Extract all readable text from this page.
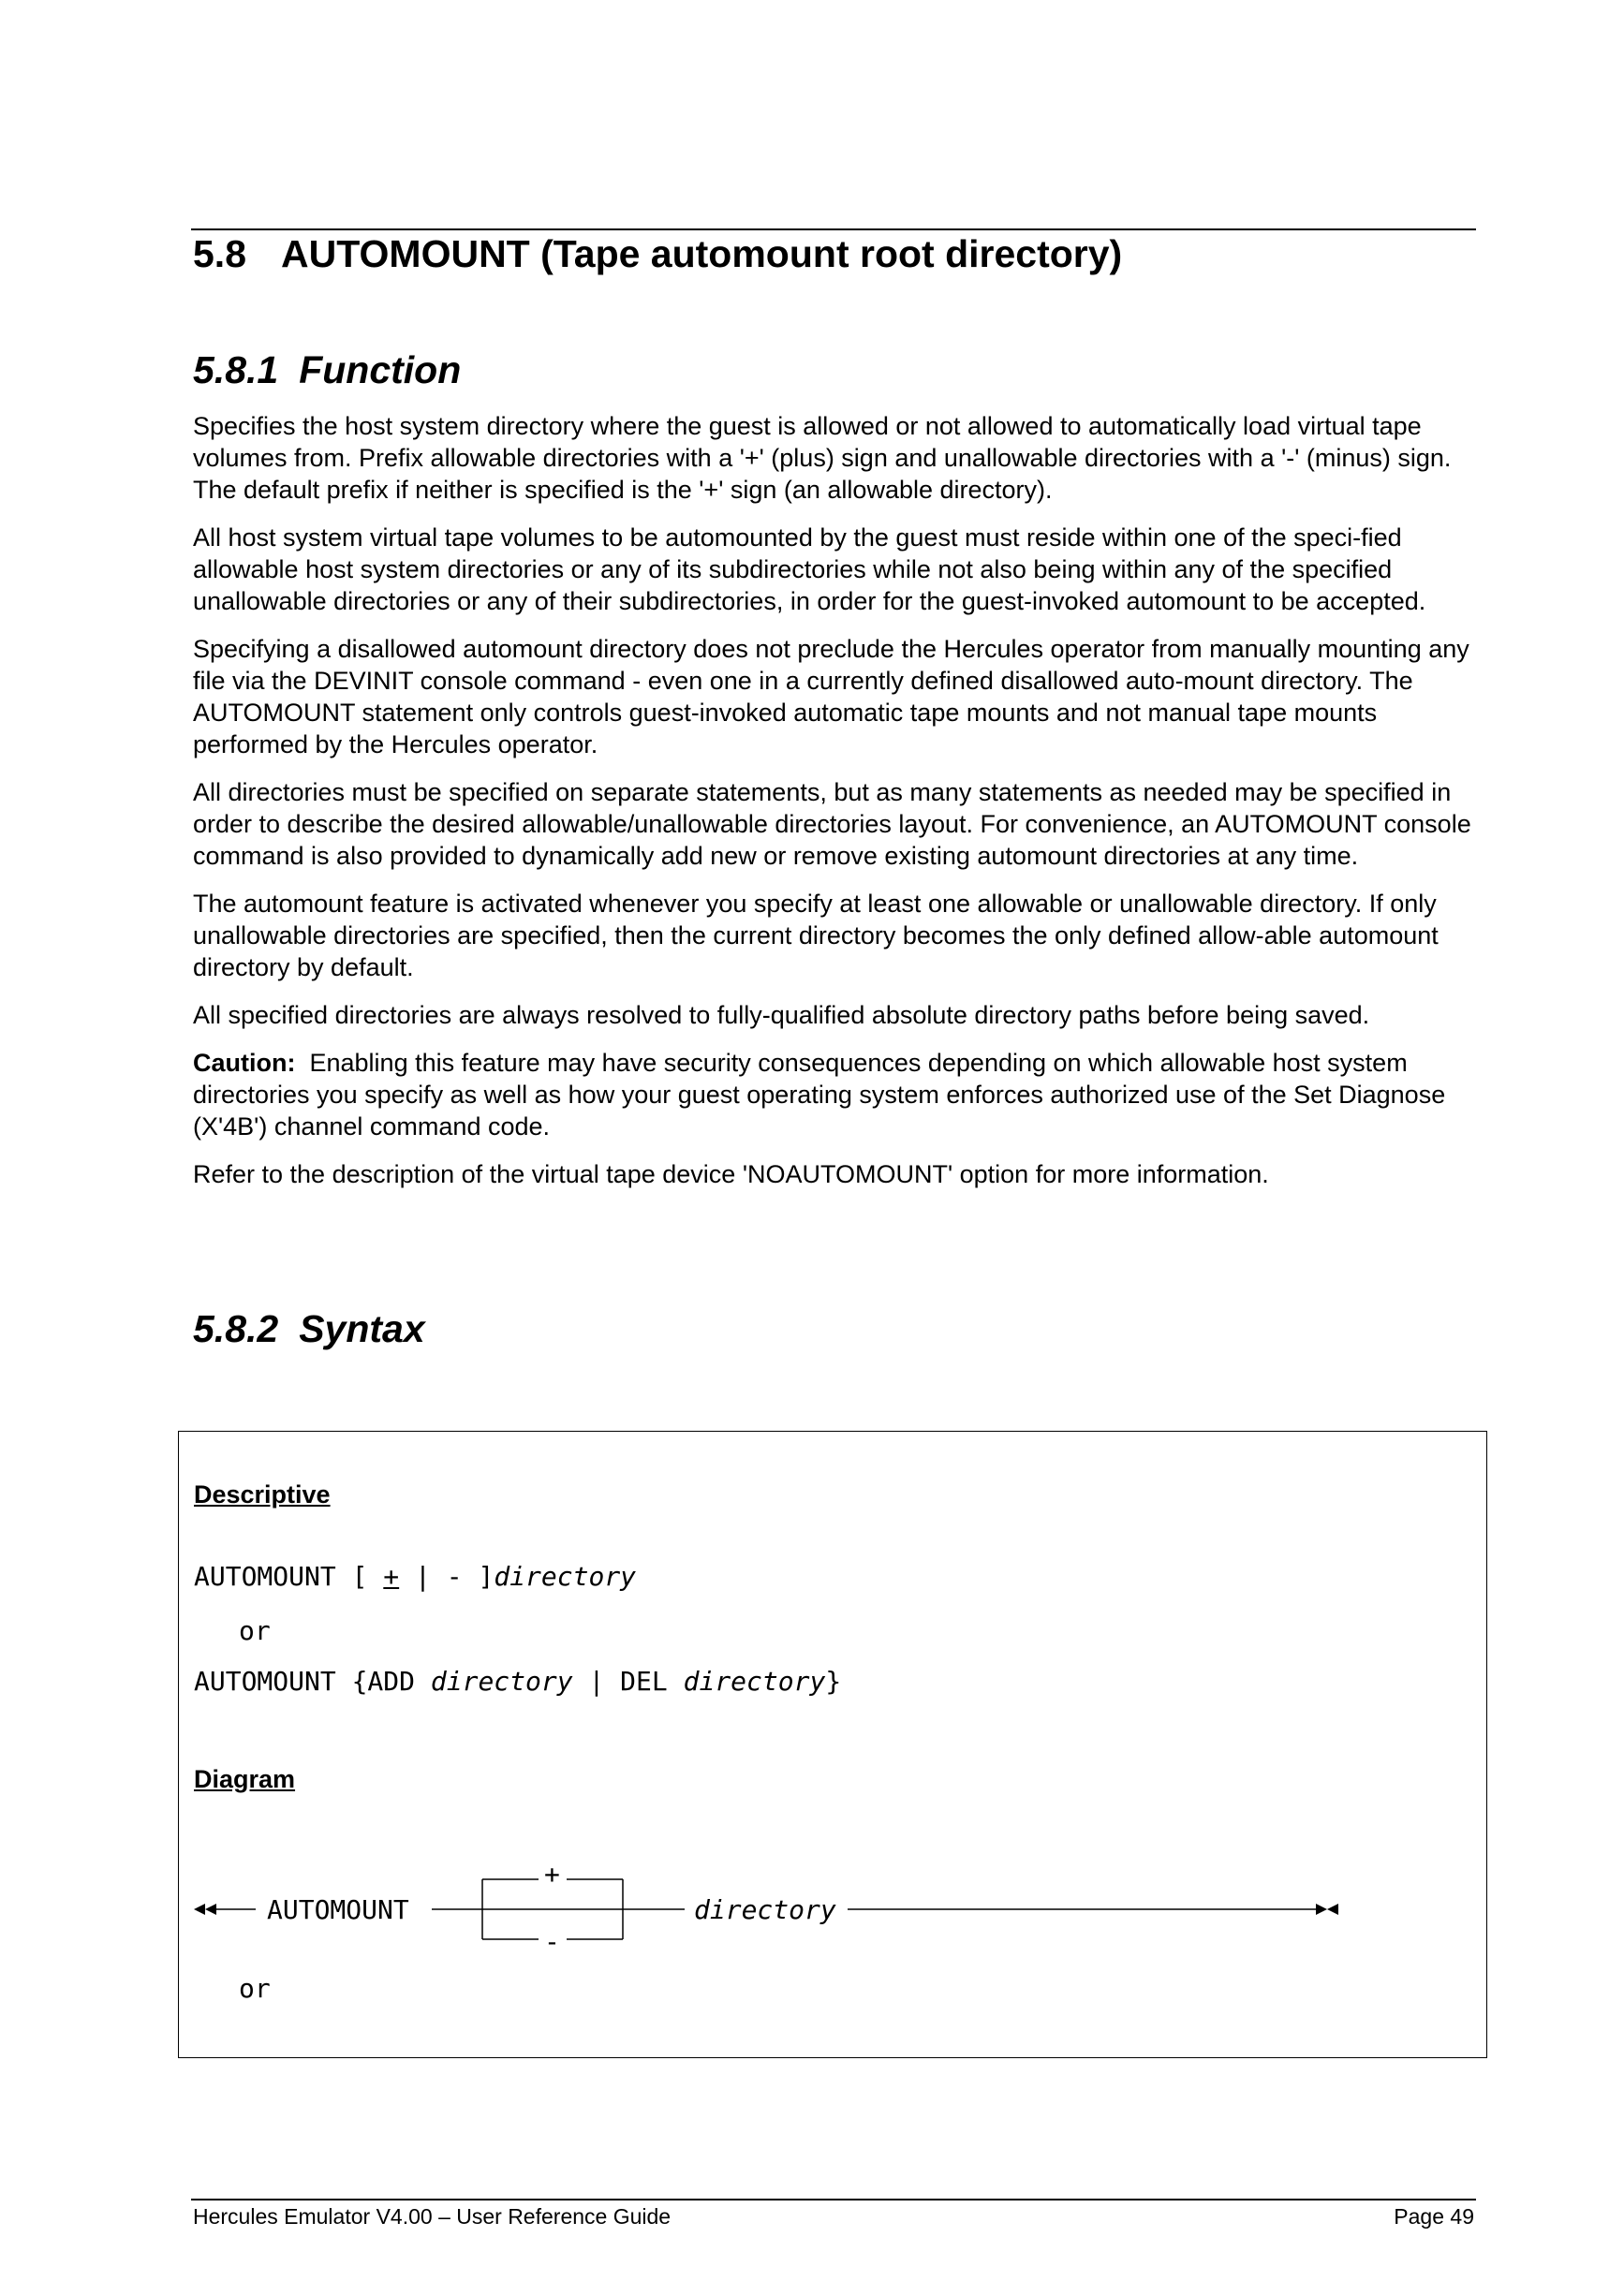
5.8 AUTOMOUNT (Tape automount root directory)
5.8.1 Function

Specifies the host system directory where the guest is allowed or not allowed to automatically load virtual tape volumes from. Prefix allowable directories with a '+' (plus) sign and unallowable directories with a '-' (minus) sign. The default prefix if neither is specified is the '+' sign (an allowable directory).

All host system virtual tape volumes to be automounted by the guest must reside within one of the speci-fied allowable host system directories or any of its subdirectories while not also being within any of the specified unallowable directories or any of their subdirectories, in order for the guest-invoked automount to be accepted.

Specifying a disallowed automount directory does not preclude the Hercules operator from manually mounting any file via the DEVINIT console command - even one in a currently defined disallowed auto-mount directory. The AUTOMOUNT statement only controls guest-invoked automatic tape mounts and not manual tape mounts performed by the Hercules operator.

All directories must be specified on separate statements, but as many statements as needed may be specified in order to describe the desired allowable/unallowable directories layout. For convenience, an AUTOMOUNT console command is also provided to dynamically add new or remove existing automount directories at any time.

The automount feature is activated whenever you specify at least one allowable or unallowable directory. If only unallowable directories are specified, then the current directory becomes the only defined allow-able automount directory by default.

All specified directories are always resolved to fully-qualified absolute directory paths before being saved.

Caution: Enabling this feature may have security consequences depending on which allowable host system directories you specify as well as how your guest operating system enforces authorized use of the Set Diagnose (X'4B') channel command code.

Refer to the description of the virtual tape device 'NOAUTOMOUNT' option for more information.

5.8.2 Syntax

Descriptive

AUTOMOUNT [ + | - ]directory

or

AUTOMOUNT {ADD directory | DEL directory}

Diagram

AUTOMOUNT
+
-
directory

or

Hercules Emulator V4.00 – User Reference Guide	Page 49
